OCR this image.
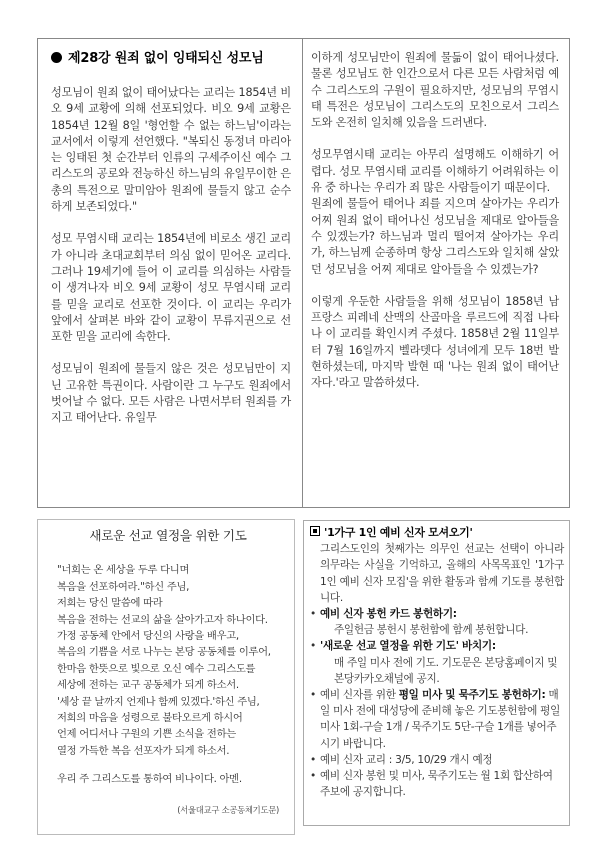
제28강 원죄 없이 잉태되신 성모님

성모님이 원죄 없이 태어났다는 교리는 1854년 비오 9세 교황에 의해 선포되었다. 비오 9세 교황은 1854년 12월 8일 '형언할 수 없는 하느님'이라는 교서에서 이렇게 선언했다. "복되신 동정녀 마리아는 잉태된 첫 순간부터 인류의 구세주이신 예수 그리스도의 공로와 전능하신 하느님의 유일무이한 은총의 특전으로 말미암아 원죄에 물들지 않고 순수하게 보존되었다."

성모 무염시태 교리는 1854년에 비로소 생긴 교리가 아니라 초대교회부터 의심 없이 믿어온 교리다. 그러나 19세기에 들어 이 교리를 의심하는 사람들이 생겨나자 비오 9세 교황이 성모 무염시태 교리를 믿을 교리로 선포한 것이다. 이 교리는 우리가 앞에서 살펴본 바와 같이 교황이 무류지권으로 선포한 믿을 교리에 속한다.

성모님이 원죄에 물들지 않은 것은 성모님만이 지닌 고유한 특권이다. 사람이란 그 누구도 원죄에서 벗어날 수 없다. 모든 사람은 나면서부터 원죄를 가지고 태어난다. 유일무

이하게 성모님만이 원죄에 물듦이 없이 태어나셨다. 물론 성모님도 한 인간으로서 다른 모든 사람처럼 예수 그리스도의 구원이 필요하지만, 성모님의 무염시태 특전은 성모님이 그리스도의 모친으로서 그리스도와 온전히 일치해 있음을 드러낸다.

성모무염시태 교리는 아무리 설명해도 이해하기 어렵다. 성모 무염시태 교리를 이해하기 어려워하는 이유 중 하나는 우리가 죄 많은 사람들이기 때문이다.

원죄에 물들어 태어나 죄를 지으며 살아가는 우리가 어찌 원죄 없이 태어나신 성모님을 제대로 알아들을 수 있겠는가? 하느님과 멀리 떨어져 살아가는 우리가, 하느님께 순종하며 항상 그리스도와 일치해 살았던 성모님을 어찌 제대로 알아들을 수 있겠는가?

이렇게 우둔한 사람들을 위해 성모님이 1858년 남 프랑스 피레네 산맥의 산골마을 루르드에 직접 나타나 이 교리를 확인시켜 주셨다. 1858년 2월 11일부터 7월 16일까지 벨라뎃다 성녀에게 모두 18번 발현하셨는데, 마지막 발현 때 '나는 원죄 없이 태어난 자다.'라고 말씀하셨다.

새로운 선교 열정을 위한 기도
"너희는 온 세상을 두루 다니며
복음을 선포하여라."하신 주님,
저희는 당신 말씀에 따라
복음을 전하는 선교의 삶을 살아가고자 하나이다.
가정 공동체 안에서 당신의 사랑을 배우고,
복음의 기쁨을 서로 나누는 본당 공동체를 이루어,
한마음 한뜻으로 빛으로 오신 예수 그리스도를
세상에 전하는 교구 공동체가 되게 하소서.
'세상 끝 날까지 언제나 함께 있겠다.'하신 주님,
저희의 마음을 성령으로 불타오르게 하시어
언제 어디서나 구원의 기쁜 소식을 전하는
열정 가득한 복음 선포자가 되게 하소서.
우리 주 그리스도를 통하여 비나이다. 아멘.
(서울대교구 소공동체기도문)
'1가구 1인 예비 신자 모셔오기'

그리스도인의 첫째가는 의무인 선교는 선택이 아니라 의무라는 사실을 기억하고, 올해의 사목목표인 '1가구 1인 예비 신자 모집'을 위한 활동과 함께 기도를 봉헌합니다.

• 예비 신자 봉헌 카드 봉헌하기:
주일헌금 봉헌시 봉헌함에 함께 봉헌합니다.
• '새로운 선교 열정을 위한 기도' 바치기:
매 주일 미사 전에 기도. 기도문은 본당홈페이지 및 본당카카오채널에 공지.
• 예비 신자를 위한 평일 미사 및 묵주기도 봉헌하기: 매일 미사 전에 대성당에 준비해 놓은 기도봉헌함에 평일미사 1회-구슬 1개 / 묵주기도 5단-구슬 1개를 넣어주시기 바랍니다.
• 예비 신자 교리 : 3/5, 10/29 개시 예정
• 예비 신자 봉헌 및 미사, 묵주기도는 월 1회 합산하여 주보에 공지합니다.
